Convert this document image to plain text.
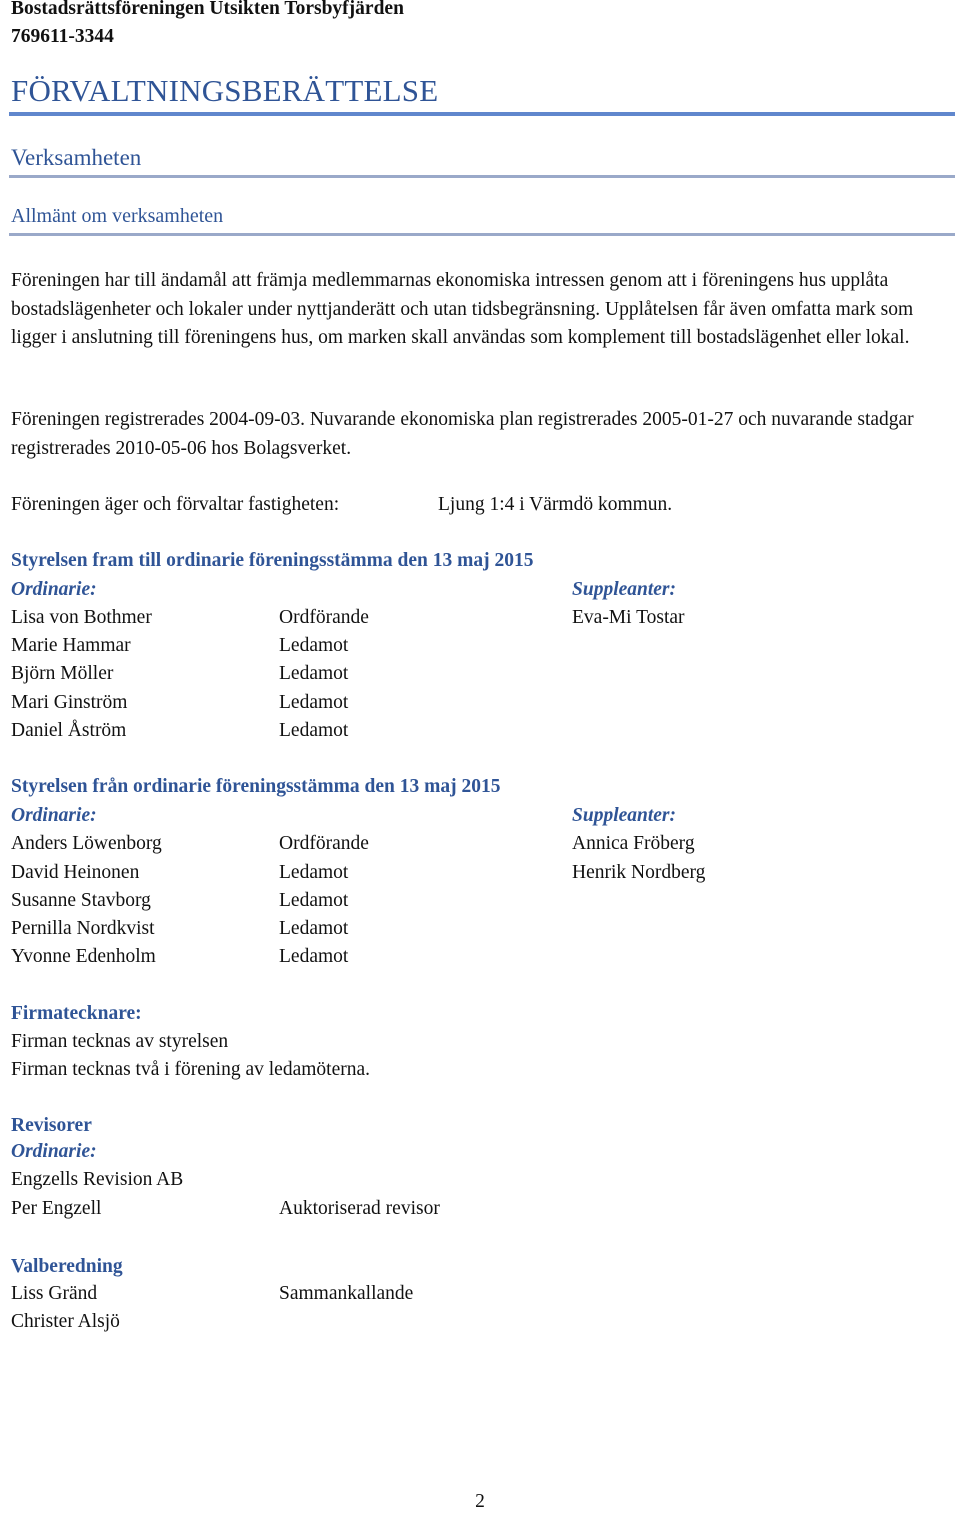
Bostadsrättsföreningen Utsikten Torsbyfjärden
769611-3344
FÖRVALTNINGSBERÄTTELSE
Verksamheten
Allmänt om verksamheten
Föreningen har till ändamål att främja medlemmarnas ekonomiska intressen genom att i föreningens hus upplåta bostadslägenheter och lokaler under nyttjanderätt och utan tidsbegränsning. Upplåtelsen får även omfatta mark som ligger i anslutning till föreningens hus, om marken skall användas som komplement till bostadslägenhet eller lokal.
Föreningen registrerades 2004-09-03. Nuvarande ekonomiska plan registrerades 2005-01-27 och nuvarande stadgar registrerades 2010-05-06 hos Bolagsverket.
Föreningen äger och förvaltar fastigheten:	Ljung 1:4 i Värmdö kommun.
Styrelsen fram till ordinarie föreningsstämma den 13 maj 2015
Ordinarie:	Suppleanter:
Lisa von Bothmer	Ordförande	Eva-Mi Tostar
Marie Hammar	Ledamot
Björn Möller	Ledamot
Mari Ginström	Ledamot
Daniel Åström	Ledamot
Styrelsen från ordinarie föreningsstämma den 13 maj 2015
Ordinarie:	Suppleanter:
Anders Löwenborg	Ordförande	Annica Fröberg
David Heinonen	Ledamot	Henrik Nordberg
Susanne Stavborg	Ledamot
Pernilla Nordkvist	Ledamot
Yvonne Edenholm	Ledamot
Firmatecknare:
Firman tecknas av styrelsen
Firman tecknas två i förening av ledamöterna.
Revisorer
Ordinarie:
Engzells Revision AB
Per Engzell	Auktoriserad revisor
Valberedning
Liss Gränd	Sammankallande
Christer Alsjö
2
